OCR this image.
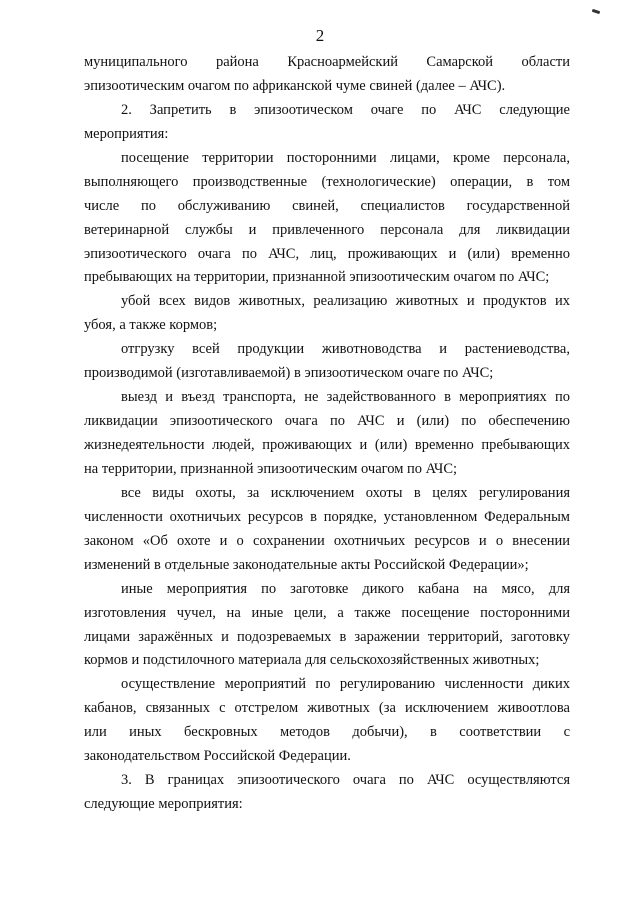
2
муниципального района Красноармейский Самарской области
эпизоотическим очагом по африканской чуме свиней (далее – АЧС).
2. Запретить в эпизоотическом очаге по АЧС следующие
мероприятия:
посещение территории посторонними лицами, кроме персонала,
выполняющего производственные (технологические) операции, в том
числе по обслуживанию свиней, специалистов государственной
ветеринарной службы и привлеченного персонала для ликвидации
эпизоотического очага по АЧС, лиц, проживающих и (или) временно
пребывающих на территории, признанной эпизоотическим очагом по АЧС;
убой всех видов животных, реализацию животных и продуктов их
убоя, а также кормов;
отгрузку всей продукции животноводства и растениеводства,
производимой (изготавливаемой) в эпизоотическом очаге по АЧС;
выезд и въезд транспорта, не задействованного в мероприятиях по
ликвидации эпизоотического очага по АЧС и (или) по обеспечению
жизнедеятельности людей, проживающих и (или) временно пребывающих
на территории, признанной эпизоотическим очагом по АЧС;
все виды охоты, за исключением охоты в целях регулирования
численности охотничьих ресурсов в порядке, установленном Федеральным
законом «Об охоте и о сохранении охотничьих ресурсов и о внесении
изменений в отдельные законодательные акты Российской Федерации»;
иные мероприятия по заготовке дикого кабана на мясо, для
изготовления чучел, на иные цели, а также посещение посторонними
лицами заражённых и подозреваемых в заражении территорий, заготовку
кормов и подстилочного материала для сельскохозяйственных животных;
осуществление мероприятий по регулированию численности диких
кабанов, связанных с отстрелом животных (за исключением живоотлова
или иных бескровных методов добычи), в соответствии с
законодательством Российской Федерации.
3. В границах эпизоотического очага по АЧС осуществляются
следующие мероприятия:
